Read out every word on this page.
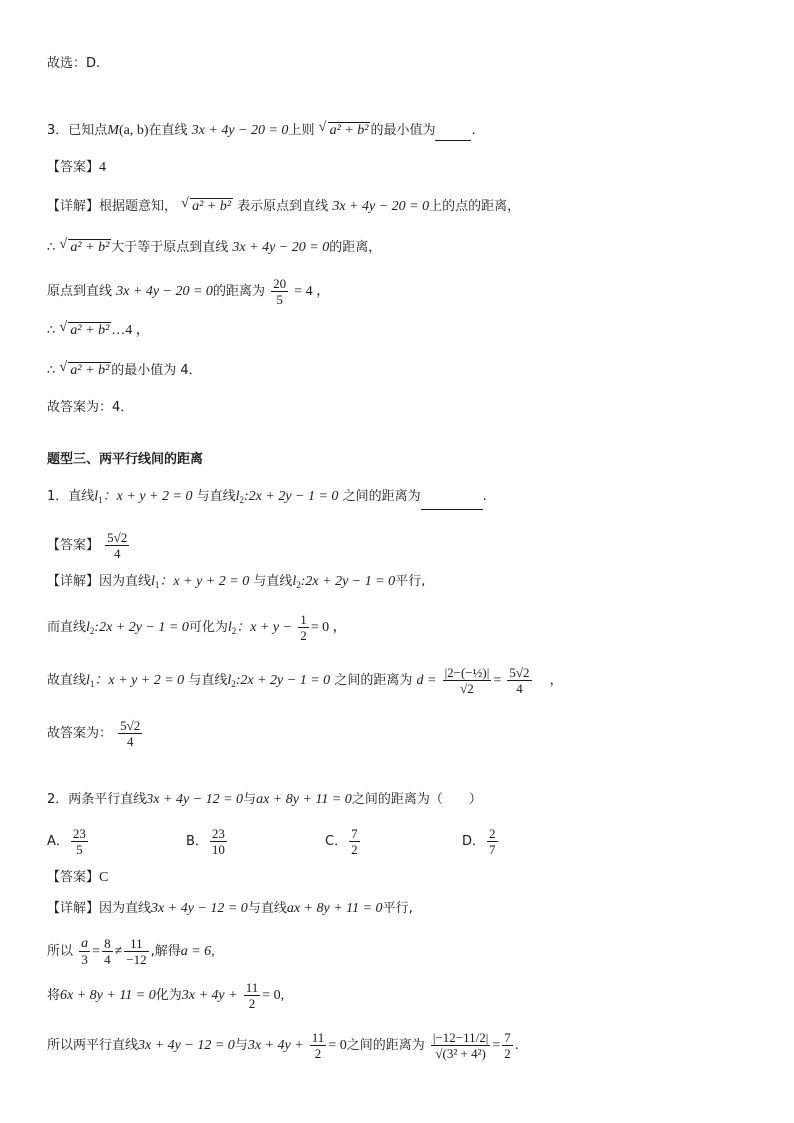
故选：D.
3．已知点M(a, b)在直线 3x + 4y − 20 = 0上则 √ a² + b² 的最小值为	.
【答案】4
【详解】根据题意知， √ a² + b² 表示原点到直线 3x + 4y − 20 = 0上的点的距离，
∴ √ a² + b² 大于等于原点到直线 3x + 4y − 20 = 0的距离，
原点到直线 3x + 4y − 20 = 0的距离为 $\frac{20}{5} = 4$ ，
∴ √ a² + b² …4 ，
∴ √ a² + b² 的最小值为 4．
故答案为：4．
题型三、两平行线间的距离
1．直线$l_1$：x + y + 2 = 0 与直线$l_2:2x + 2y - 1 = 0$ 之间的距离为	.
【答案】 $\frac{5√2}{4}$
【详解】因为直线$l_1$：x + y + 2 = 0 与直线$l_2:2x + 2y - 1 = 0$平行,
而直线$l_2:2x + 2y - 1 = 0$可化为$l_2$：$x + y - \frac{1}{2} = 0$ ，
故直线$l_1$：x + y + 2 = 0 与直线$l_2:2x + 2y - 1 = 0$ 之间的距离为 $d = \frac{\text{|2−(−½)|}}{√2} = \frac{5√2}{4}$ ，
故答案为： $\frac{5√2}{4}$
2．两条平行直线3x + 4y − 12 = 0与ax + 8y + 11 = 0之间的距离为（　　）
A． $\frac{23}{5}$	B． $\frac{23}{10}$	C． $\frac{7}{2}$	D． $\frac{2}{7}$
【答案】C
【详解】因为直线3x + 4y − 12 = 0与直线ax + 8y + 11 = 0平行,
所以 $\frac{a}{3} = \frac{8}{4} \ne \frac{11}{-12}$ ,解得a = 6,
将6x + 8y + 11 = 0化为$3x + 4y + \frac{11}{2} = 0$,
所以两平行直线3x + 4y − 12 = 0与$3x + 4y + \frac{11}{2} = 0$之间的距离为 $\frac{|-12-11/2|}{\text{√(3² + 4²)}} = \frac{7}{2}$ .
